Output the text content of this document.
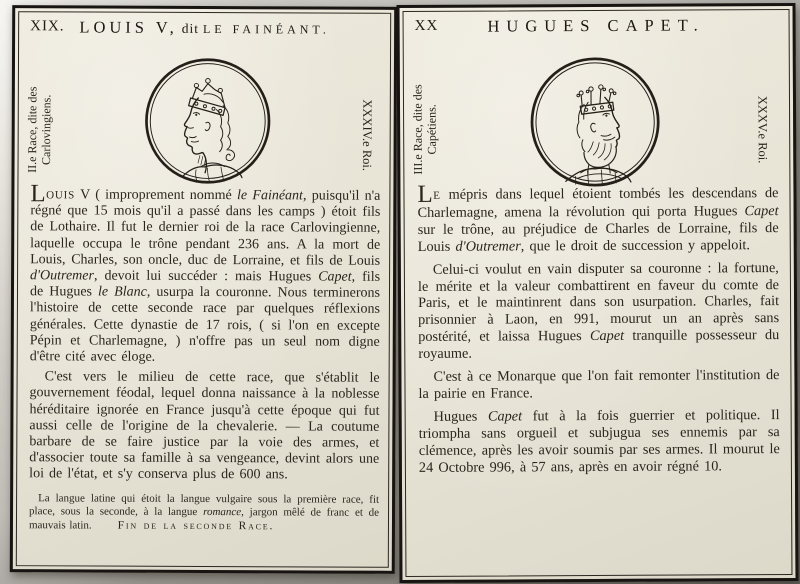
XIX. LOUIS V, dit LE FAINÉANT.
II.e Race, dite des Carlovingiens.	XXXIV.e Roi.

LOUIS V ( improprement nommé le Fainéant, puisqu'il n'a régné que 15 mois qu'il a passé dans les camps ) étoit fils de Lothaire. Il fut le dernier roi de la race Carlovingienne, laquelle occupa le trône pendant 236 ans. A la mort de Louis, Charles, son oncle, duc de Lorraine, et fils de Louis d'Outremer, devoit lui succéder : mais Hugues Capet, fils de Hugues le Blanc, usurpa la couronne. Nous terminerons l'histoire de cette seconde race par quelques réflexions générales. Cette dynastie de 17 rois, ( si l'on en excepte Pépin et Charlemagne, ) n'offre pas un seul nom digne d'être cité avec éloge.

C'est vers le milieu de cette race, que s'établit le gouvernement féodal, lequel donna naissance à la noblesse héréditaire ignorée en France jusqu'à cette époque qui fut aussi celle de l'origine de la chevalerie. — La coutume barbare de se faire justice par la voie des armes, et d'associer toute sa famille à sa vengeance, devint alors une loi de l'état, et s'y conserva plus de 600 ans.

La langue latine qui étoit la langue vulgaire sous la première race, fit place, sous la seconde, à la langue romance, jargon mêlé de franc et de mauvais latin. Fin de la seconde Race.

XX	HUGUES CAPET.
III.e Race, dite des Capétiens.	XXXV.e Roi.

LE mépris dans lequel étoient tombés les descendans de Charlemagne, amena la révolution qui porta Hugues Capet sur le trône, au préjudice de Charles de Lorraine, fils de Louis d'Outremer, que le droit de succession y appeloit.

Celui-ci voulut en vain disputer sa couronne : la fortune, le mérite et la valeur combattirent en faveur du comte de Paris, et le maintinrent dans son usurpation. Charles, fait prisonnier à Laon, en 991, mourut un an après sans postérité, et laissa Hugues Capet tranquille possesseur du royaume.

C'est à ce Monarque que l'on fait remonter l'institution de la pairie en France.

Hugues Capet fut à la fois guerrier et politique. Il triompha sans orgueil et subjugua ses ennemis par sa clémence, après les avoir soumis par ses armes. Il mourut le 24 Octobre 996, à 57 ans, après en avoir régné 10.
